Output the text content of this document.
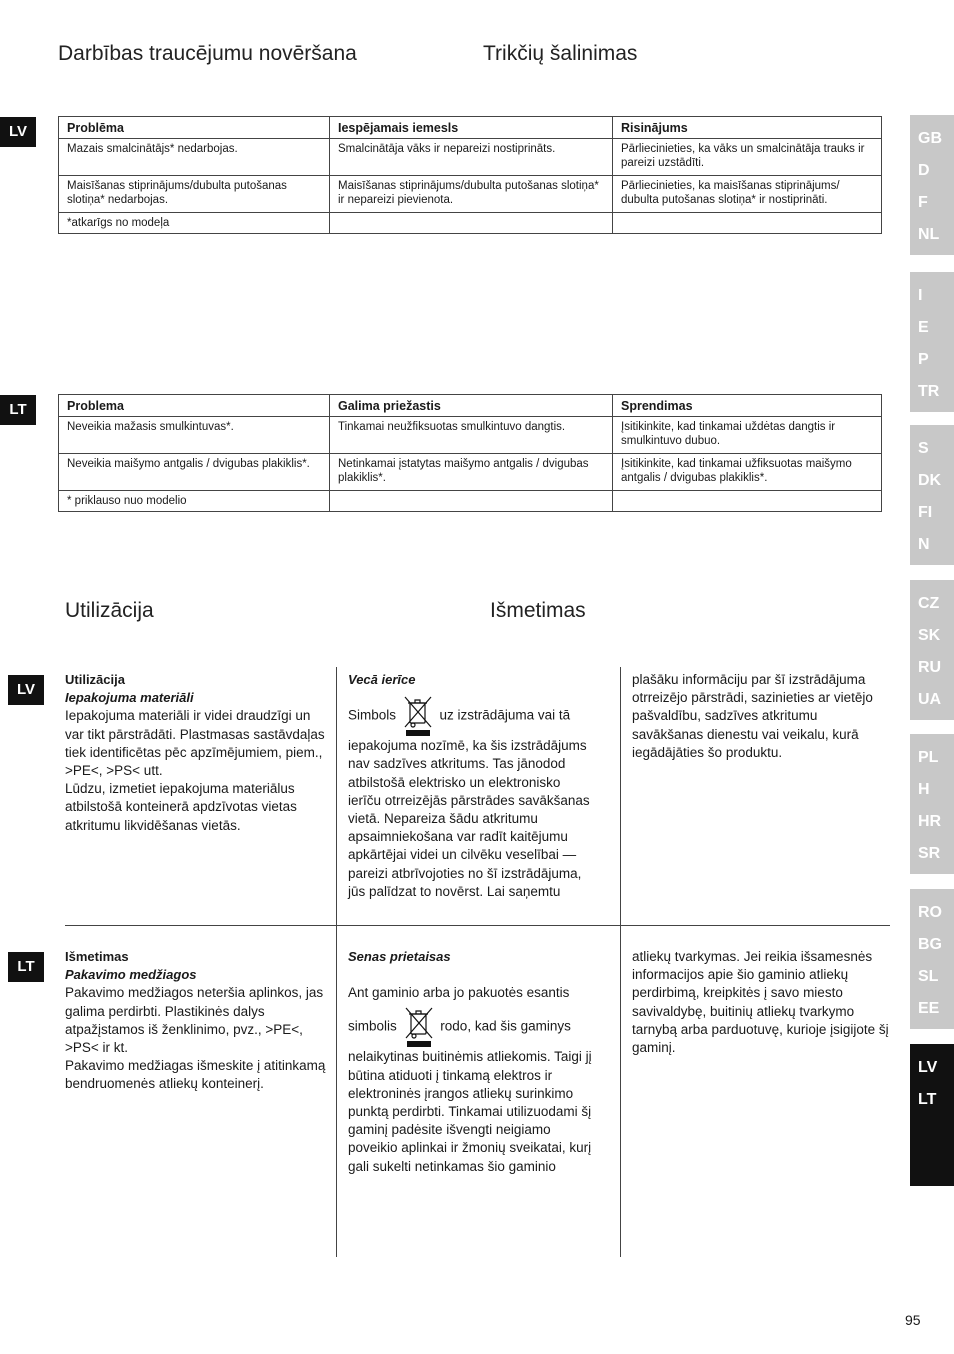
Darbības traucējumu novēršana	Trikčių šalinimas
LV
LT
LV
LT
Problēma	Iespējamais iemesls	Risinājums
Mazais smalcinātājs* nedarbojas.	Smalcinātāja vāks ir nepareizi nostiprināts.	Pārliecinieties, ka vāks un smalcinātāja trauks ir pareizi uzstādīti.
Maisīšanas stiprinājums/dubulta putošanas slotiņa* nedarbojas.	Maisīšanas stiprinājums/dubulta putošanas slotiņa* ir nepareizi pievienota.	Pārliecinieties, ka maisīšanas stiprinājums/ dubulta putošanas slotiņa* ir nostiprināti.
*atkarīgs no modeļa		
Problema	Galima priežastis	Sprendimas
Neveikia mažasis smulkintuvas*.	Tinkamai neužfiksuotas smulkintuvo dangtis.	Įsitikinkite, kad tinkamai uždėtas dangtis ir smulkintuvo dubuo.
Neveikia maišymo antgalis / dvigubas plakiklis*.	Netinkamai įstatytas maišymo antgalis / dvigubas plakiklis*.	Įsitikinkite, kad tinkamai užfiksuotas maišymo antgalis / dvigubas plakiklis*.
* priklauso nuo modelio		
Utilizācija	Išmetimas

Utilizācija

Iepakojuma materiāli

Iepakojuma materiāli ir videi draudzīgi un var tikt pārstrādāti. Plastmasas sastāvdaļas tiek identificētas pēc apzīmējumiem, piem., >PE<, >PS< utt.

Lūdzu, izmetiet iepakojuma materiālus atbilstošā konteinerā apdzīvotas vietas atkritumu likvidēšanas vietās.

Vecā ierīce

Simbols	uz izstrādājuma vai tā iepakojuma nozīmē, ka šis izstrādājums nav sadzīves atkritums. Tas jānodod atbilstošā elektrisko un elektronisko ierīču otrreizējās pārstrādes savākšanas vietā. Nepareiza šādu atkritumu apsaimniekošana var radīt kaitējumu apkārtējai videi un cilvēku veselībai — pareizi atbrīvojoties no šī izstrādājuma, jūs palīdzat to novērst. Lai saņemtu

plašāku informāciju par šī izstrādājuma otrreizējo pārstrādi, sazinieties ar vietējo pašvaldību, sadzīves atkritumu savākšanas dienestu vai veikalu, kurā iegādājāties šo produktu.

Išmetimas

Pakavimo medžiagos

Pakavimo medžiagos neteršia aplinkos, jas galima perdirbti. Plastikinės dalys atpažįstamos iš ženklinimo, pvz., >PE<, >PS< ir kt.

Pakavimo medžiagas išmeskite į atitinkamą bendruomenės atliekų konteinerį.

Senas prietaisas

Ant gaminio arba jo pakuotės esantis

simbolis	rodo, kad šis gaminys nelaikytinas buitinėmis atliekomis. Taigi jį būtina atiduoti į tinkamą elektros ir elektroninės įrangos atliekų surinkimo punktą perdirbti. Tinkamai utilizuodami šį gaminį padėsite išvengti neigiamo poveikio aplinkai ir žmonių sveikatai, kurį gali sukelti netinkamas šio gaminio

atliekų tvarkymas. Jei reikia išsamesnės informacijos apie šio gaminio atliekų perdirbimą, kreipkitės į savo miesto savivaldybę, buitinių atliekų tvarkymo tarnybą arba parduotuvę, kurioje įsigijote šį gaminį.

GB
D
F
NL
I
E
P
TR
S
DK
FI
N
CZ
SK
RU
UA
PL
H
HR
SR
RO
BG
SL
EE
LV
LT
95
